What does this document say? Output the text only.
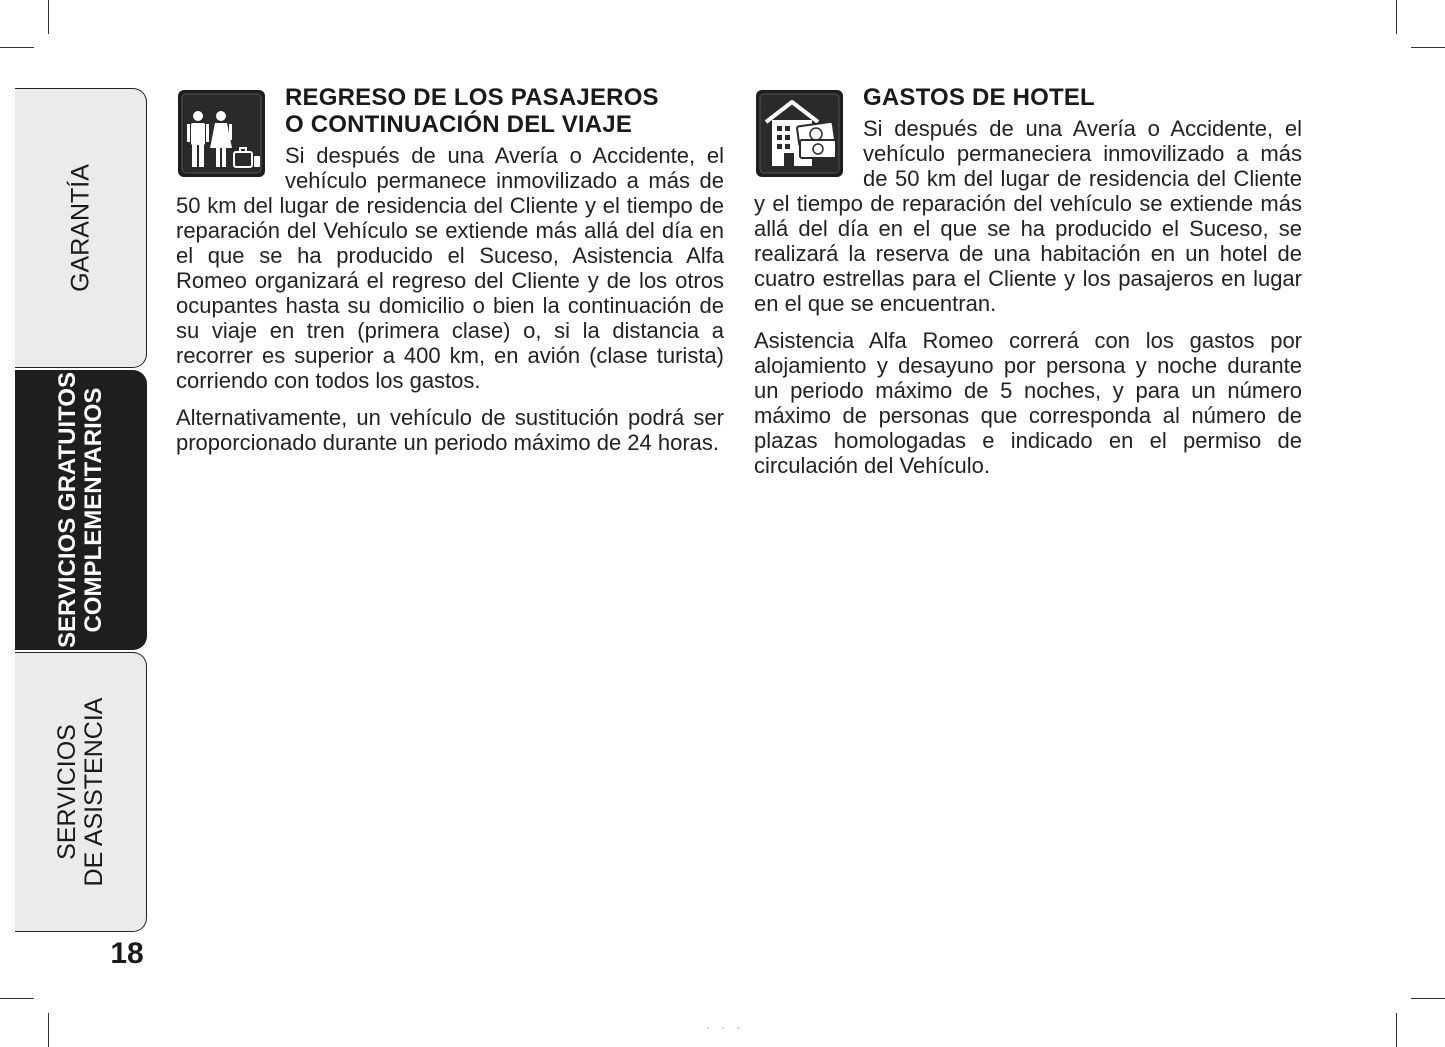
GARANTÍA
SERVICIOS GRATUITOS COMPLEMENTARIOS
SERVICIOS DE ASISTENCIA
18
REGRESO DE LOS PASAJEROS
O CONTINUACIÓN DEL VIAJE

Si después de una Avería o Accidente, el vehículo permanece inmovilizado a más de 50 km del lugar de residencia del Cliente y el tiempo de reparación del Vehículo se extiende más allá del día en el que se ha producido el Suceso, Asistencia Alfa Romeo organizará el regreso del Cliente y de los otros ocupantes hasta su domicilio o bien la continuación de su viaje en tren (primera clase) o, si la distancia a recorrer es superior a 400 km, en avión (clase turista) corriendo con todos los gastos.

Alternativamente, un vehículo de sustitución podrá ser proporcionado durante un periodo máximo de 24 horas.

GASTOS DE HOTEL

Si después de una Avería o Accidente, el vehículo permaneciera inmovilizado a más de 50 km del lugar de residencia del Cliente y el tiempo de reparación del vehículo se extiende más allá del día en el que se ha producido el Suceso, se realizará la reserva de una habitación en un hotel de cuatro estrellas para el Cliente y los pasajeros en lugar en el que se encuentran.

Asistencia Alfa Romeo correrá con los gastos por alojamiento y desayuno por persona y noche durante un periodo máximo de 5 noches, y para un número máximo de personas que corresponda al número de plazas homologadas e indicado en el permiso de circulación del Vehículo.

· · ·
